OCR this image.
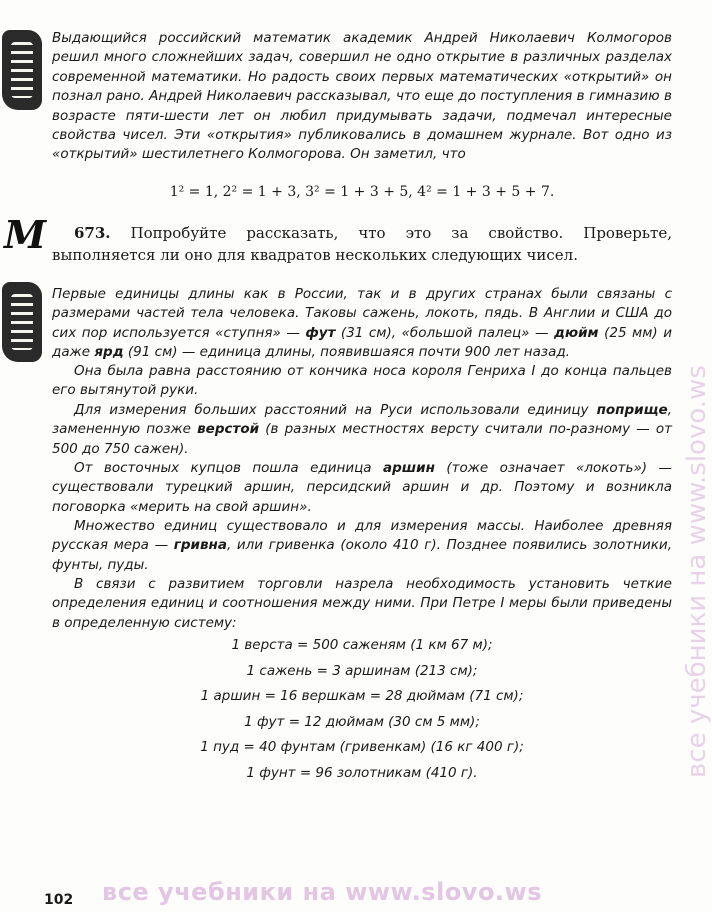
Выдающийся российский математик академик Андрей Николаевич Колмогоров решил много сложнейших задач, совершил не одно открытие в различных разделах современной математики. Но радость своих первых математических «открытий» он познал рано. Андрей Николаевич рассказывал, что еще до поступления в гимназию в возрасте пяти-шести лет он любил придумывать задачи, подмечал интересные свойства чисел. Эти «открытия» публиковались в домашнем журнале. Вот одно из «открытий» шестилетнего Колмогорова. Он заметил, что

1² = 1, 2² = 1 + 3, 3² = 1 + 3 + 5, 4² = 1 + 3 + 5 + 7.
М	673. Попробуйте рассказать, что это за свойство. Проверьте, выполняется ли оно для квадратов нескольких следующих чисел.

Первые единицы длины как в России, так и в других странах были связаны с размерами частей тела человека. Таковы сажень, локоть, пядь. В Англии и США до сих пор используется «ступня» — фут (31 см), «большой палец» — дюйм (25 мм) и даже ярд (91 см) — единица длины, появившаяся почти 900 лет назад.

Она была равна расстоянию от кончика носа короля Генриха I до конца пальцев его вытянутой руки.

Для измерения больших расстояний на Руси использовали единицу поприще, замененную позже верстой (в разных местностях версту считали по-разному — от 500 до 750 сажен).

От восточных купцов пошла единица аршин (тоже означает «локоть») — существовали турецкий аршин, персидский аршин и др. Поэтому и возникла поговорка «мерить на свой аршин».

Множество единиц существовало и для измерения массы. Наиболее древняя русская мера — гривна, или гривенка (около 410 г). Позднее появились золотники, фунты, пуды.

В связи с развитием торговли назрела необходимость установить четкие определения единиц и соотношения между ними. При Петре I меры были приведены в определенную систему:

1 верста = 500 саженям (1 км 67 м);
1 сажень = 3 аршинам (213 см);
1 аршин = 16 вершкам = 28 дюймам (71 см);
1 фут = 12 дюймам (30 см 5 мм);
1 пуд = 40 фунтам (гривенкам) (16 кг 400 г);
1 фунт = 96 золотникам (410 г).
102 все учебники на www.slovo.ws
все учебники на www.slovo.ws
